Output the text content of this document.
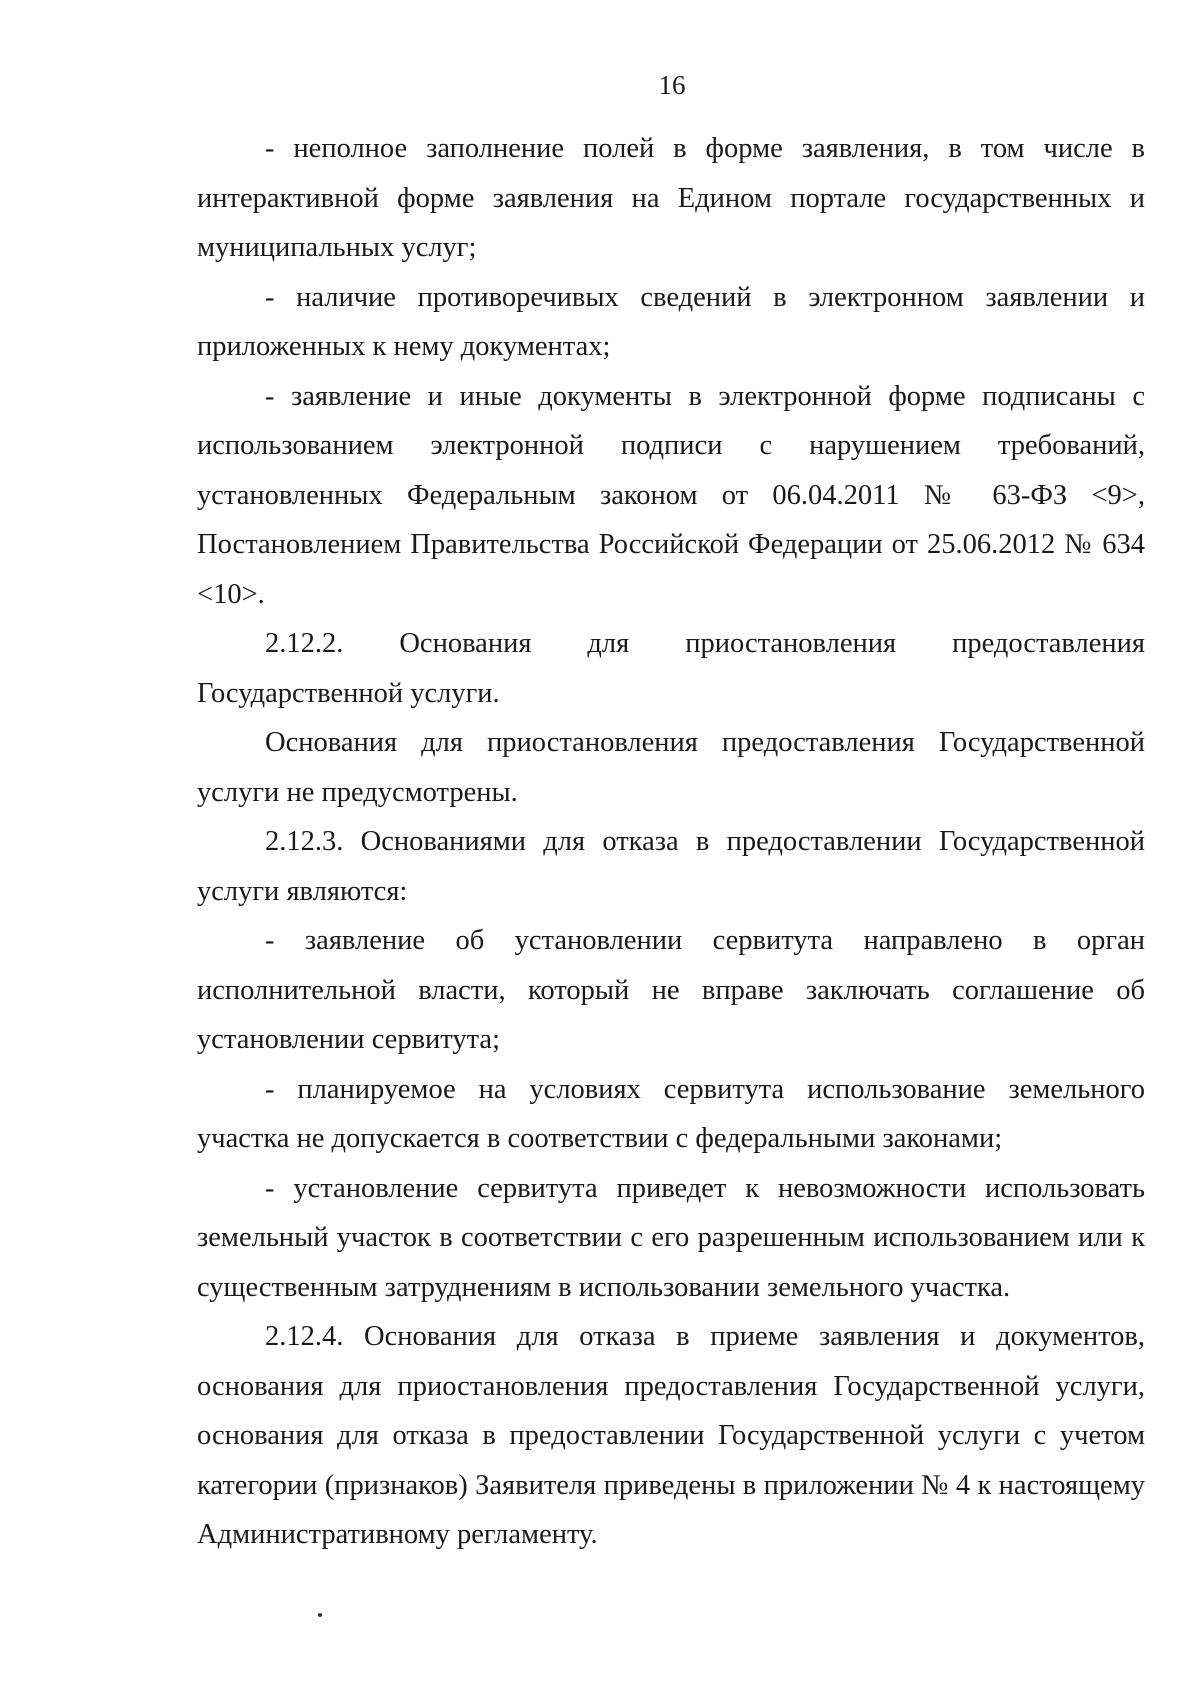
16

- неполное заполнение полей в форме заявления, в том числе в интерактивной форме заявления на Едином портале государственных и муниципальных услуг;

- наличие противоречивых сведений в электронном заявлении и приложенных к нему документах;

- заявление и иные документы в электронной форме подписаны с использованием электронной подписи с нарушением требований, установленных Федеральным законом от 06.04.2011 № 63-ФЗ <9>, Постановлением Правительства Российской Федерации от 25.06.2012 № 634 <10>.

2.12.2. Основания для приостановления предоставления Государственной услуги.

Основания для приостановления предоставления Государственной услуги не предусмотрены.

2.12.3. Основаниями для отказа в предоставлении Государственной услуги являются:

- заявление об установлении сервитута направлено в орган исполнительной власти, который не вправе заключать соглашение об установлении сервитута;

- планируемое на условиях сервитута использование земельного участка не допускается в соответствии с федеральными законами;

- установление сервитута приведет к невозможности использовать земельный участок в соответствии с его разрешенным использованием или к существенным затруднениям в использовании земельного участка.

2.12.4. Основания для отказа в приеме заявления и документов, основания для приостановления предоставления Государственной услуги, основания для отказа в предоставлении Государственной услуги с учетом категории (признаков) Заявителя приведены в приложении № 4 к настоящему Административному регламенту.
